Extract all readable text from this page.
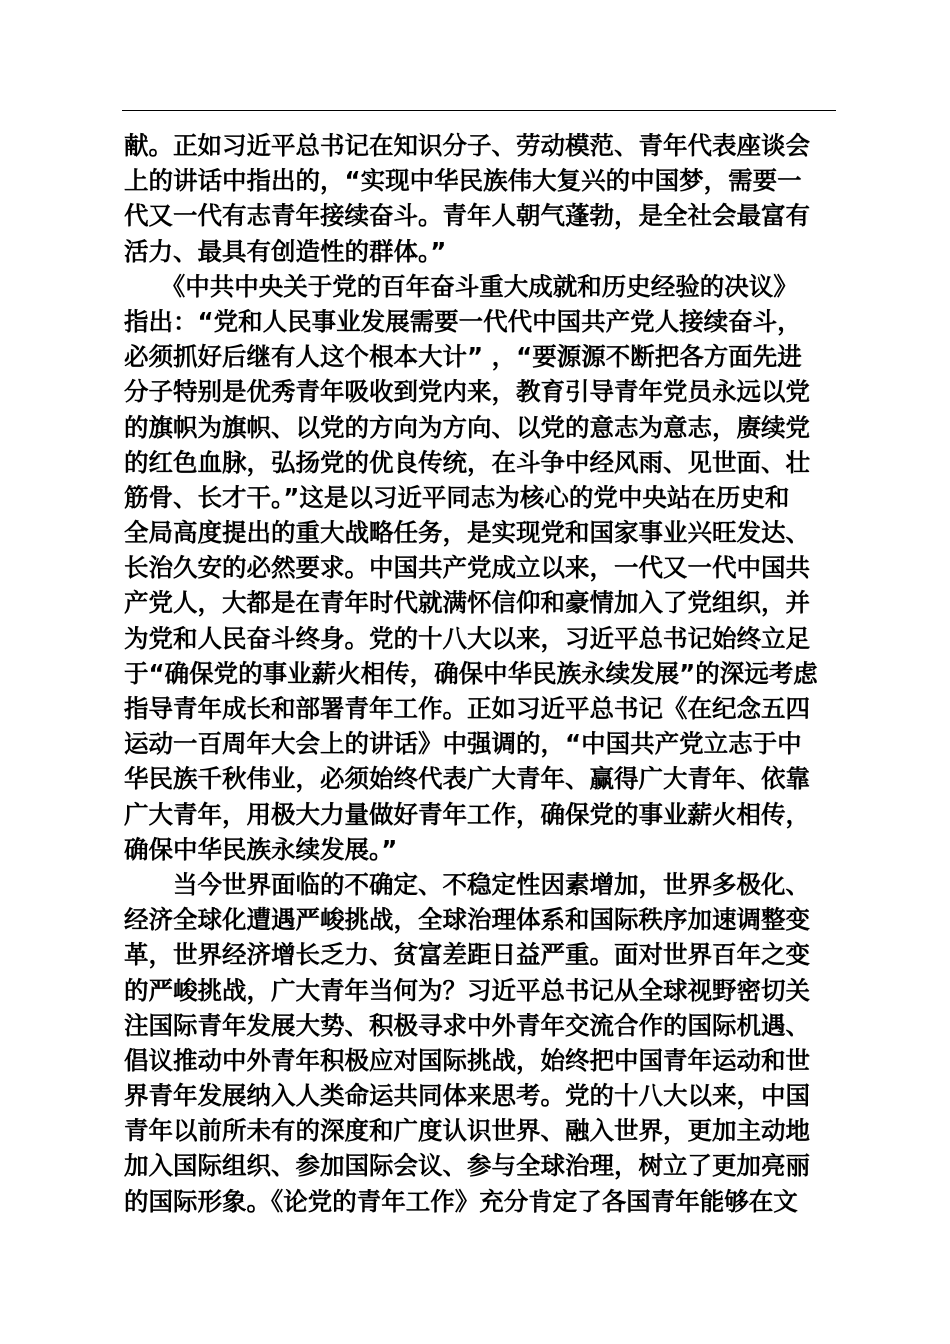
献。正如习近平总书记在知识分子、劳动模范、青年代表座谈会
上的讲话中指出的，“实现中华民族伟大复兴的中国梦，需要一
代又一代有志青年接续奋斗。青年人朝气蓬勃，是全社会最富有
活力、最具有创造性的群体。”
　　《中共中央关于党的百年奋斗重大成就和历史经验的决议》
指出：“党和人民事业发展需要一代代中国共产党人接续奋斗，
必须抓好后继有人这个根本大计” ，“要源源不断把各方面先进
分子特别是优秀青年吸收到党内来，教育引导青年党员永远以党
的旗帜为旗帜、以党的方向为方向、以党的意志为意志，赓续党
的红色血脉，弘扬党的优良传统，在斗争中经风雨、见世面、壮
筋骨、长才干。”这是以习近平同志为核心的党中央站在历史和
全局高度提出的重大战略任务，是实现党和国家事业兴旺发达、
长治久安的必然要求。中国共产党成立以来，一代又一代中国共
产党人，大都是在青年时代就满怀信仰和豪情加入了党组织，并
为党和人民奋斗终身。党的十八大以来，习近平总书记始终立足
于“确保党的事业薪火相传，确保中华民族永续发展”的深远考虑
指导青年成长和部署青年工作。正如习近平总书记《在纪念五四
运动一百周年大会上的讲话》中强调的，“中国共产党立志于中
华民族千秋伟业，必须始终代表广大青年、赢得广大青年、依靠
广大青年，用极大力量做好青年工作，确保党的事业薪火相传，
确保中华民族永续发展。”
　　当今世界面临的不确定、不稳定性因素增加，世界多极化、
经济全球化遭遇严峻挑战，全球治理体系和国际秩序加速调整变
革，世界经济增长乏力、贫富差距日益严重。面对世界百年之变
的严峻挑战，广大青年当何为？习近平总书记从全球视野密切关
注国际青年发展大势、积极寻求中外青年交流合作的国际机遇、
倡议推动中外青年积极应对国际挑战，始终把中国青年运动和世
界青年发展纳入人类命运共同体来思考。党的十八大以来，中国
青年以前所未有的深度和广度认识世界、融入世界，更加主动地
加入国际组织、参加国际会议、参与全球治理，树立了更加亮丽
的国际形象。《论党的青年工作》充分肯定了各国青年能够在文
